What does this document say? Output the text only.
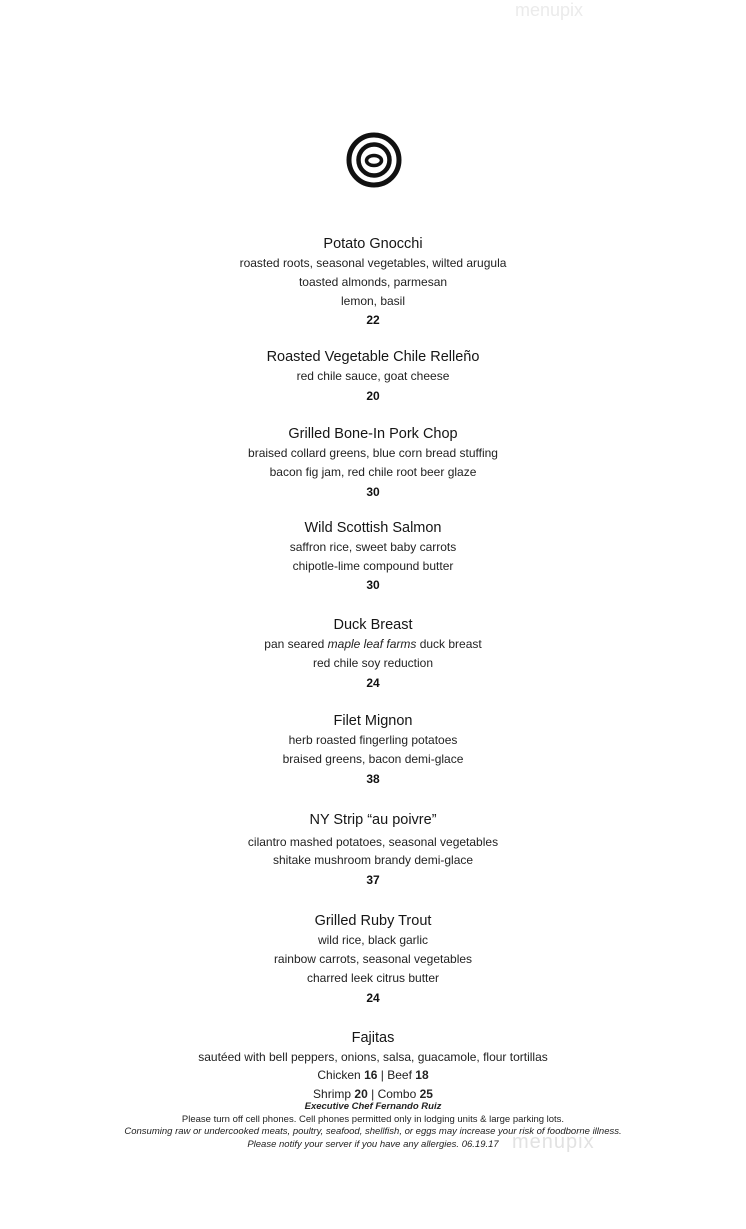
menupix
Potato Gnocchi
roasted roots, seasonal vegetables, wilted arugula
toasted almonds, parmesan
lemon, basil
22
Roasted Vegetable Chile Relleño
red chile sauce, goat cheese
20
Grilled Bone-In Pork Chop
braised collard greens, blue corn bread stuffing
bacon fig jam, red chile root beer glaze
30
Wild Scottish Salmon
saffron rice, sweet baby carrots
chipotle-lime compound butter
30
Duck Breast
pan seared maple leaf farms duck breast
red chile soy reduction
24
Filet Mignon
herb roasted fingerling potatoes
braised greens, bacon demi-glace
38
NY Strip “au poivre”
cilantro mashed potatoes, seasonal vegetables
shitake mushroom brandy demi-glace
37
Grilled Ruby Trout
wild rice, black garlic
rainbow carrots, seasonal vegetables
charred leek citrus butter
24
Fajitas
sautéed with bell peppers, onions, salsa, guacamole, flour tortillas
Chicken 16 | Beef 18
Shrimp 20 | Combo 25
Executive Chef Fernando Ruiz
Please turn off cell phones. Cell phones permitted only in lodging units & large parking lots.
Consuming raw or undercooked meats, poultry, seafood, shellfish, or eggs may increase your risk of foodborne illness.
Please notify your server if you have any allergies. 06.19.17 menupix
